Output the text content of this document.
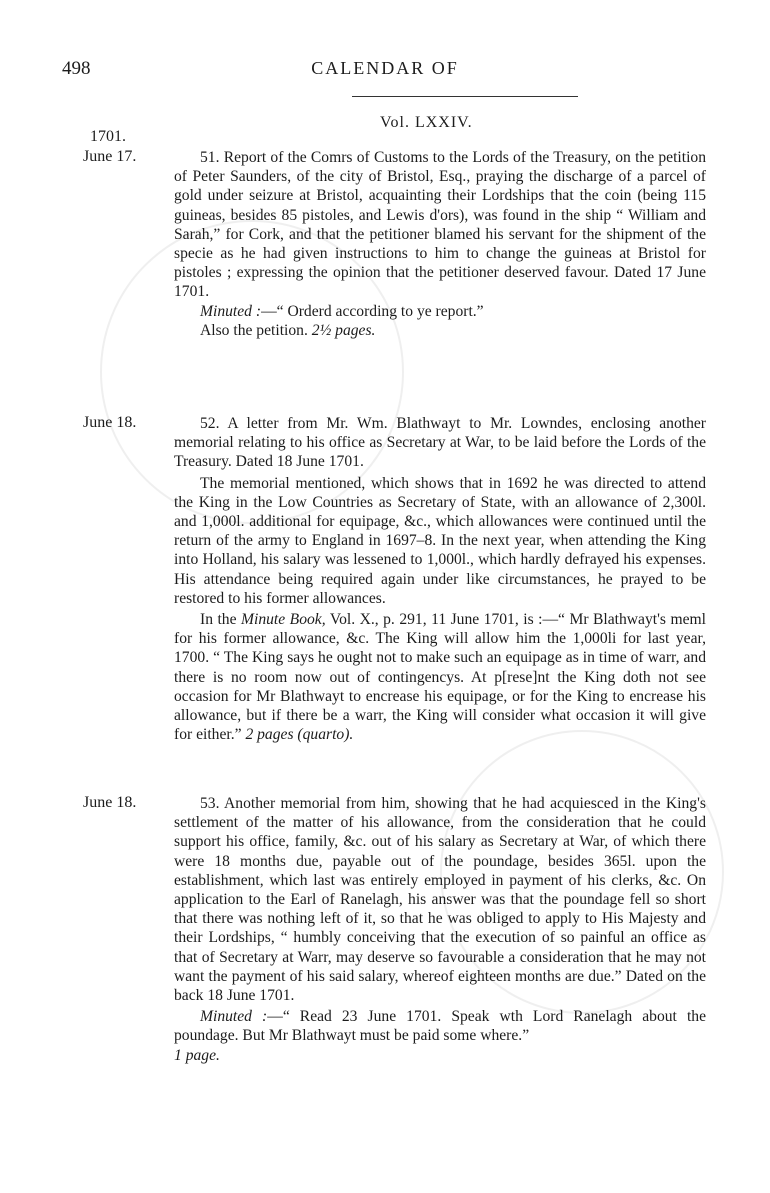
498	CALENDAR OF
Vol. LXXIV.
1701.
June 17.	51. Report of the Comrs of Customs to the Lords of the Treasury, on the petition of Peter Saunders, of the city of Bristol, Esq., praying the discharge of a parcel of gold under seizure at Bristol, acquainting their Lordships that the coin (being 115 guineas, besides 85 pistoles, and Lewis d'ors), was found in the ship “ William and Sarah,” for Cork, and that the petitioner blamed his servant for the shipment of the specie as he had given instructions to him to change the guineas at Bristol for pistoles ; expressing the opinion that the petitioner deserved favour. Dated 17 June 1701.

Minuted :—“ Orderd according to ye report.”

Also the petition. 2½ pages.

June 18.	52. A letter from Mr. Wm. Blathwayt to Mr. Lowndes, enclosing another memorial relating to his office as Secretary at War, to be laid before the Lords of the Treasury. Dated 18 June 1701.

The memorial mentioned, which shows that in 1692 he was directed to attend the King in the Low Countries as Secretary of State, with an allowance of 2,300l. and 1,000l. additional for equipage, &c., which allowances were continued until the return of the army to England in 1697–8. In the next year, when attending the King into Holland, his salary was lessened to 1,000l., which hardly defrayed his expenses. His attendance being required again under like circumstances, he prayed to be restored to his former allowances.

In the Minute Book, Vol. X., p. 291, 11 June 1701, is :—“ Mr Blathwayt's meml for his former allowance, &c. The King will allow him the 1,000li for last year, 1700. “ The King says he ought not to make such an equipage as in time of warr, and there is no room now out of contingencys. At p[rese]nt the King doth not see occasion for Mr Blathwayt to encrease his equipage, or for the King to encrease his allowance, but if there be a warr, the King will consider what occasion it will give for either.” 2 pages (quarto).

June 18.	53. Another memorial from him, showing that he had acquiesced in the King's settlement of the matter of his allowance, from the consideration that he could support his office, family, &c. out of his salary as Secretary at War, of which there were 18 months due, payable out of the poundage, besides 365l. upon the establishment, which last was entirely employed in payment of his clerks, &c. On application to the Earl of Ranelagh, his answer was that the poundage fell so short that there was nothing left of it, so that he was obliged to apply to His Majesty and their Lordships, “ humbly conceiving that the execution of so painful an office as that of Secretary at Warr, may deserve so favourable a consideration that he may not want the payment of his said salary, whereof eighteen months are due.” Dated on the back 18 June 1701.

Minuted :—“ Read 23 June 1701. Speak wth Lord Ranelagh about the poundage. But Mr Blathwayt must be paid some where.”

1 page.
